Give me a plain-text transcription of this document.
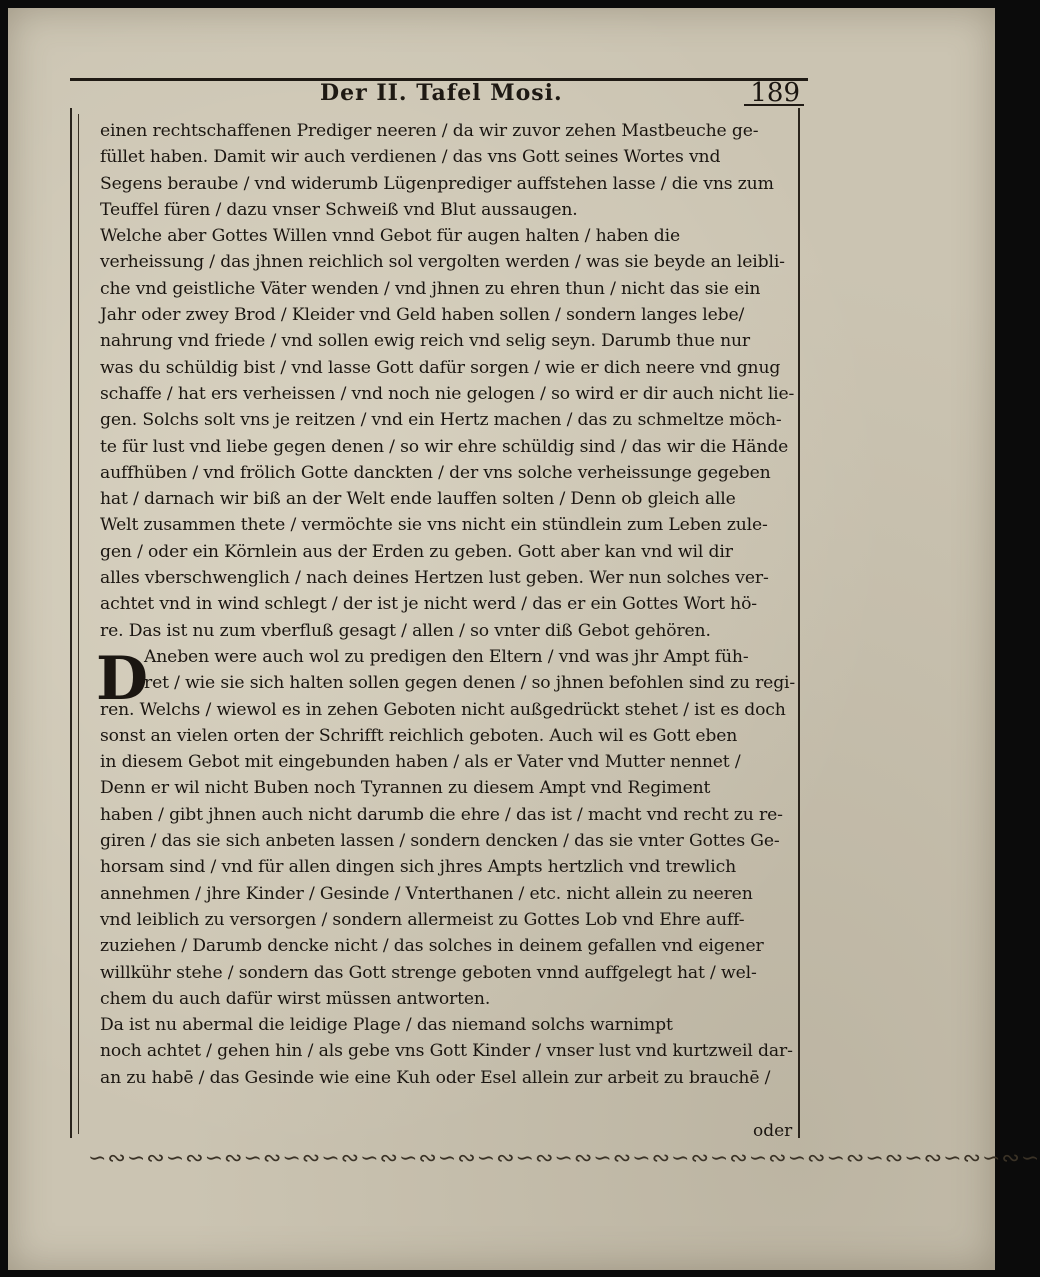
Der II. Tafel Mosi.	189
D
einen rechtschaffenen Prediger neeren / da wir zuvor zehen Mastbeuche ge-
füllet haben. Damit wir auch verdienen / das vns Gott seines Wortes vnd
Segens beraube / vnd widerumb Lügenprediger auffstehen lasse / die vns zum
Teuffel füren / dazu vnser Schweiß vnd Blut aussaugen.
Welche aber Gottes Willen vnnd Gebot für augen halten / haben die
verheissung / das jhnen reichlich sol vergolten werden / was sie beyde an leibli-
che vnd geistliche Väter wenden / vnd jhnen zu ehren thun / nicht das sie ein
Jahr oder zwey Brod / Kleider vnd Geld haben sollen / sondern langes lebe/
nahrung vnd friede / vnd sollen ewig reich vnd selig seyn. Darumb thue nur
was du schüldig bist / vnd lasse Gott dafür sorgen / wie er dich neere vnd gnug
schaffe / hat ers verheissen / vnd noch nie gelogen / so wird er dir auch nicht lie-
gen. Solchs solt vns je reitzen / vnd ein Hertz machen / das zu schmeltze möch-
te für lust vnd liebe gegen denen / so wir ehre schüldig sind / das wir die Hände
auffhüben / vnd frölich Gotte danckten / der vns solche verheissunge gegeben
hat / darnach wir biß an der Welt ende lauffen solten / Denn ob gleich alle
Welt zusammen thete / vermöchte sie vns nicht ein stündlein zum Leben zule-
gen / oder ein Körnlein aus der Erden zu geben. Gott aber kan vnd wil dir
alles vberschwenglich / nach deines Hertzen lust geben. Wer nun solches ver-
achtet vnd in wind schlegt / der ist je nicht werd / das er ein Gottes Wort hö-
re. Das ist nu zum vberfluß gesagt / allen / so vnter diß Gebot gehören.
Aneben were auch wol zu predigen den Eltern / vnd was jhr Ampt füh-
ret / wie sie sich halten sollen gegen denen / so jhnen befohlen sind zu regi-
ren. Welchs / wiewol es in zehen Geboten nicht außgedrückt stehet / ist es doch
sonst an vielen orten der Schrifft reichlich geboten. Auch wil es Gott eben
in diesem Gebot mit eingebunden haben / als er Vater vnd Mutter nennet /
Denn er wil nicht Buben noch Tyrannen zu diesem Ampt vnd Regiment
haben / gibt jhnen auch nicht darumb die ehre / das ist / macht vnd recht zu re-
giren / das sie sich anbeten lassen / sondern dencken / das sie vnter Gottes Ge-
horsam sind / vnd für allen dingen sich jhres Ampts hertzlich vnd trewlich
annehmen / jhre Kinder / Gesinde / Vnterthanen / etc. nicht allein zu neeren
vnd leiblich zu versorgen / sondern allermeist zu Gottes Lob vnd Ehre auff-
zuziehen / Darumb dencke nicht / das solches in deinem gefallen vnd eigener
willkühr stehe / sondern das Gott strenge geboten vnnd auffgelegt hat / wel-
chem du auch dafür wirst müssen antworten.
Da ist nu abermal die leidige Plage / das niemand solchs warnimpt
noch achtet / gehen hin / als gebe vns Gott Kinder / vnser lust vnd kurtzweil dar-
an zu habē / das Gesinde wie eine Kuh oder Esel allein zur arbeit zu brauchē /
oder
∽∾∽∾∽∾∽∾∽∾∽∾∽∾∽∾∽∾∽∾∽∾∽∾∽∾∽∾∽∾∽∾∽∾∽∾∽∾∽∾∽∾∽∾∽∾∽∾∽
